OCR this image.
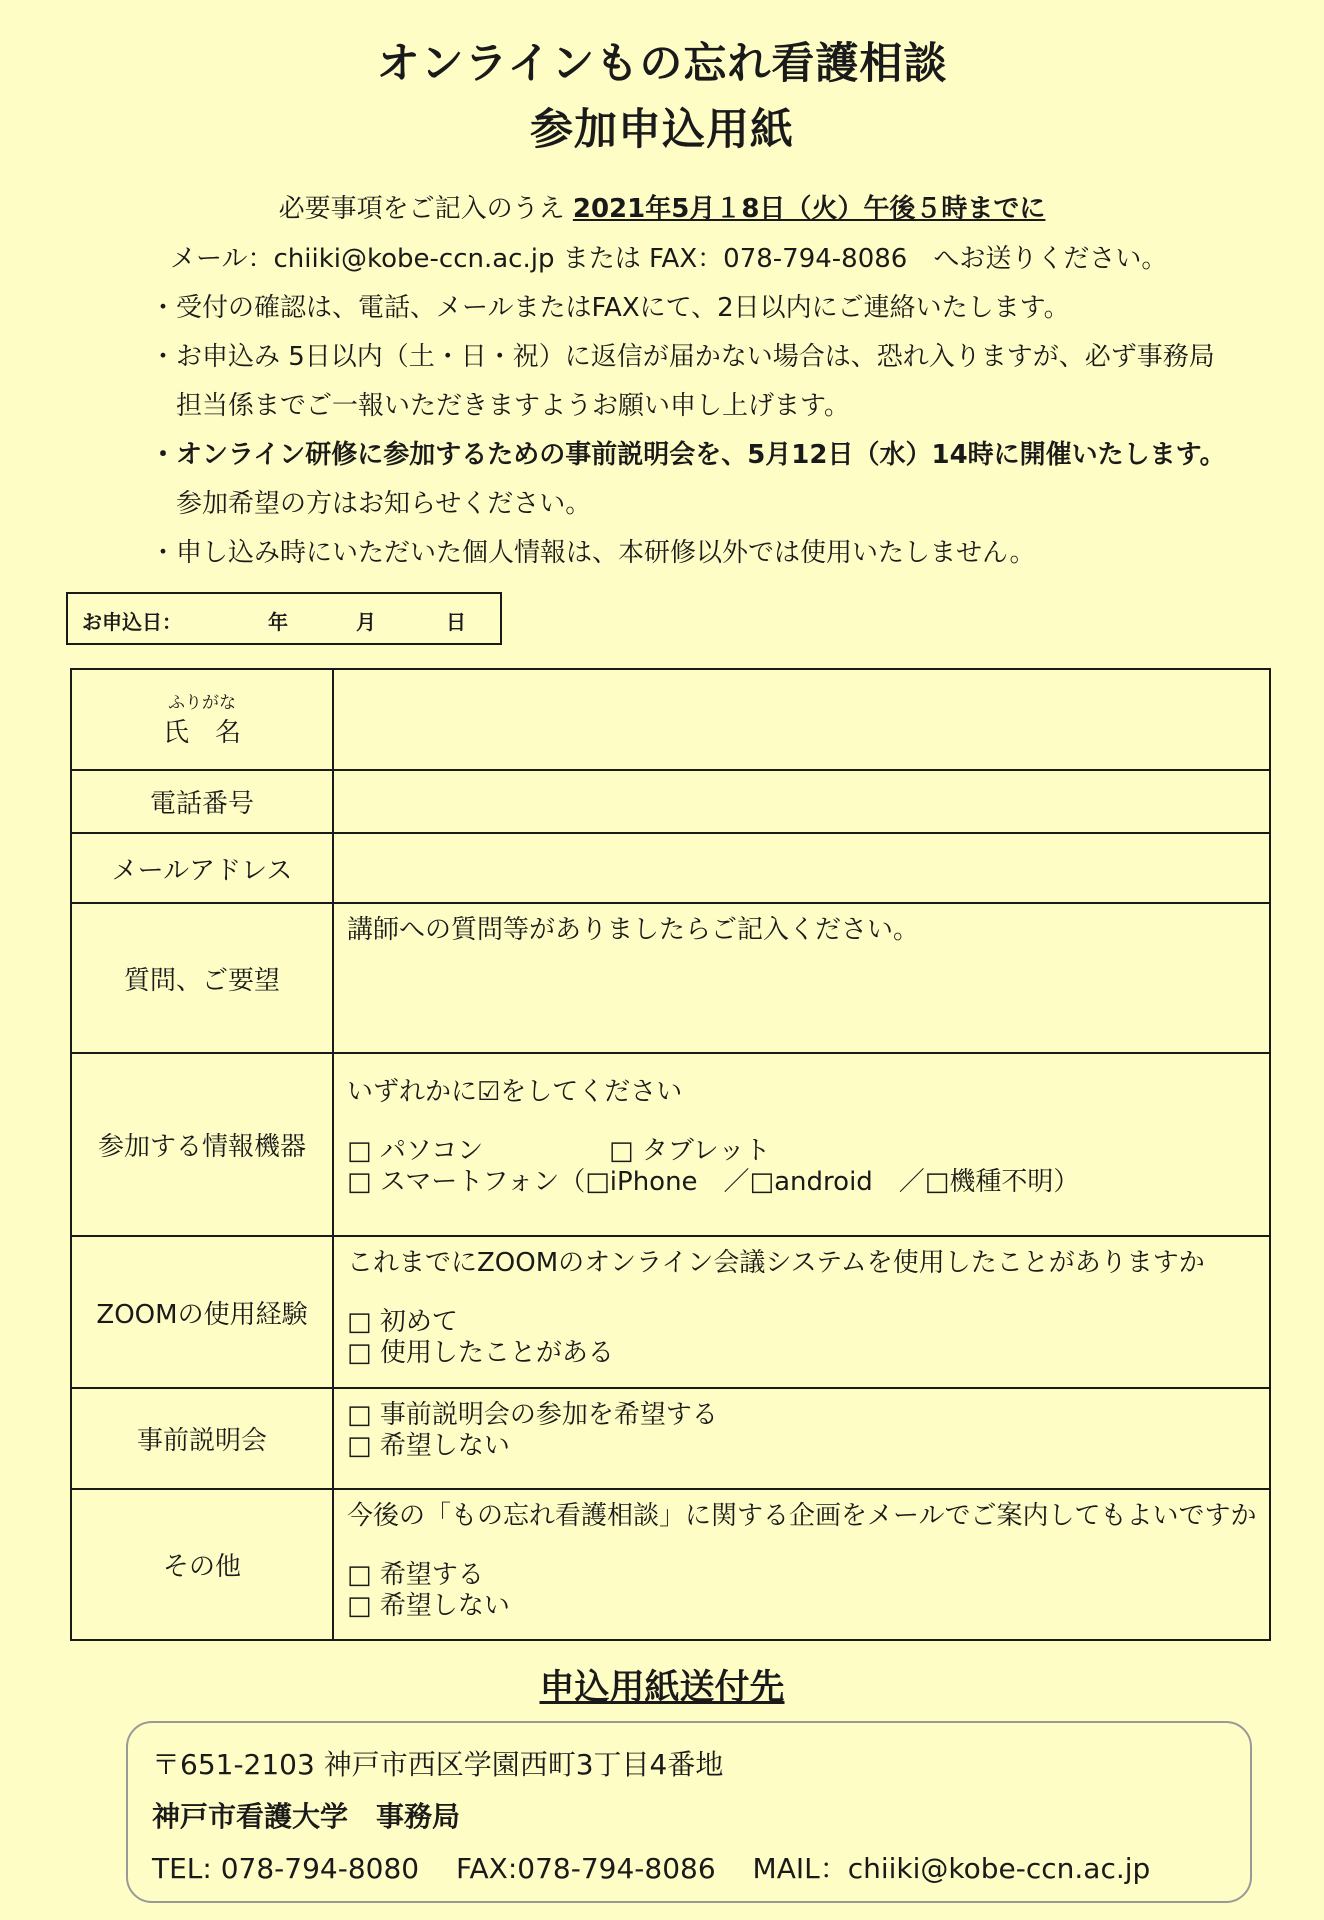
オンラインもの忘れ看護相談
参加申込用紙
必要事項をご記入のうえ 2021年5月１8日（火）午後５時までに
メール：chiiki@kobe-ccn.ac.jp または FAX：078-794-8086　へお送りください。
・受付の確認は、電話、メールまたはFAXにて、2日以内にご連絡いたします。
・お申込み 5日以内（土・日・祝）に返信が届かない場合は、恐れ入りますが、必ず事務局
担当係までご一報いただきますようお願い申し上げます。
・オンライン研修に参加するための事前説明会を、5月12日（水）14時に開催いたします。
参加希望の方はお知らせください。
・申し込み時にいただいた個人情報は、本研修以外では使用いたしません。
お申込日：	年	月	日
ふりがな
氏　名	
電話番号	
メールアドレス	
質問、ご要望	講師への質問等がありましたらご記入ください。

参加する情報機器	いずれかに☑をしてください
□ パソコン □ タブレット
□ スマートフォン（□iPhone　／□android　／□機種不明）

ZOOMの使用経験	これまでにZOOMのオンライン会議システムを使用したことがありますか
□ 初めて
□ 使用したことがある

事前説明会	□ 事前説明会の参加を希望する
□ 希望しない

その他	今後の「もの忘れ看護相談」に関する企画をメールでご案内してもよいですか
□ 希望する
□ 希望しない
申込用紙送付先
〒651-2103 神戸市西区学園西町3丁目4番地
神戸市看護大学　事務局
TEL: 078-794-8080　 FAX:078-794-8086　 MAIL：chiiki@kobe-ccn.ac.jp
